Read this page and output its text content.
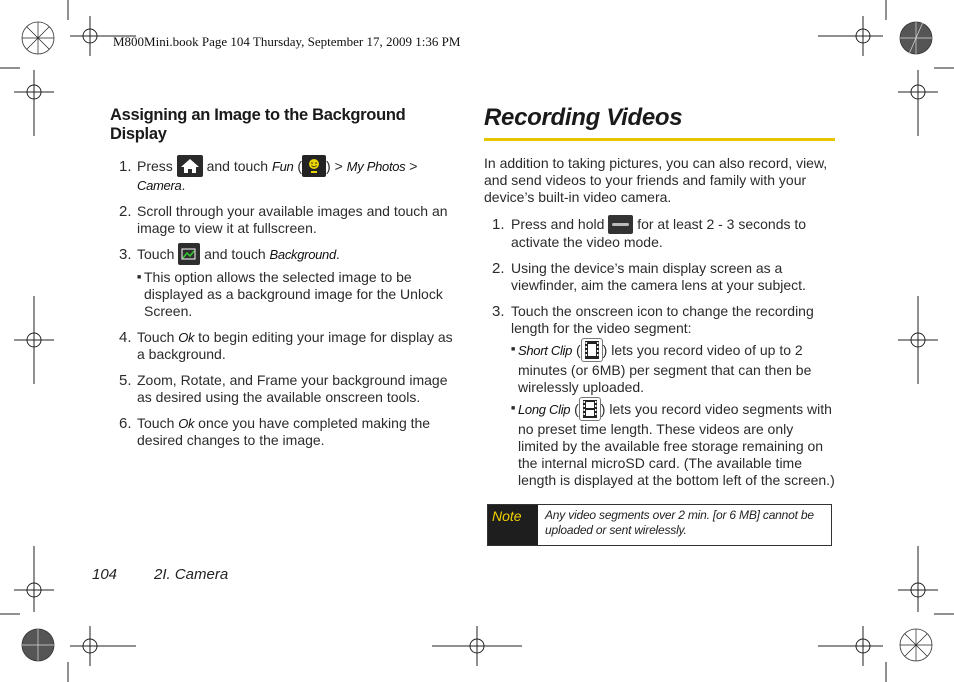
M800Mini.book Page 104 Thursday, September 17, 2009 1:36 PM
Assigning an Image to the Background Display
1. Press and touch Fun ( ) > My Photos > Camera.
2. Scroll through your available images and touch an image to view it at fullscreen.
3. Touch and touch Background.
■ This option allows the selected image to be displayed as a background image for the Unlock Screen.
4. Touch Ok to begin editing your image for display as a background.
5. Zoom, Rotate, and Frame your background image as desired using the available onscreen tools.
6. Touch Ok once you have completed making the desired changes to the image.
Recording Videos

In addition to taking pictures, you can also record, view, and send videos to your friends and family with your device’s built-in video camera.

1. Press and hold for at least 2 - 3 seconds to activate the video mode.
2. Using the device’s main display screen as a viewfinder, aim the camera lens at your subject.
3. Touch the onscreen icon to change the recording length for the video segment:
■ Short Clip ( ) lets you record video of up to 2 minutes (or 6MB) per segment that can then be wirelessly uploaded.
■ Long Clip ( ) lets you record video segments with no preset time length. These videos are only limited by the available free storage remaining on the internal microSD card. (The available time length is displayed at the bottom left of the screen.)
Note	Any video segments over 2 min. [or 6 MB] cannot be uploaded or sent wirelessly.
104 2I. Camera
